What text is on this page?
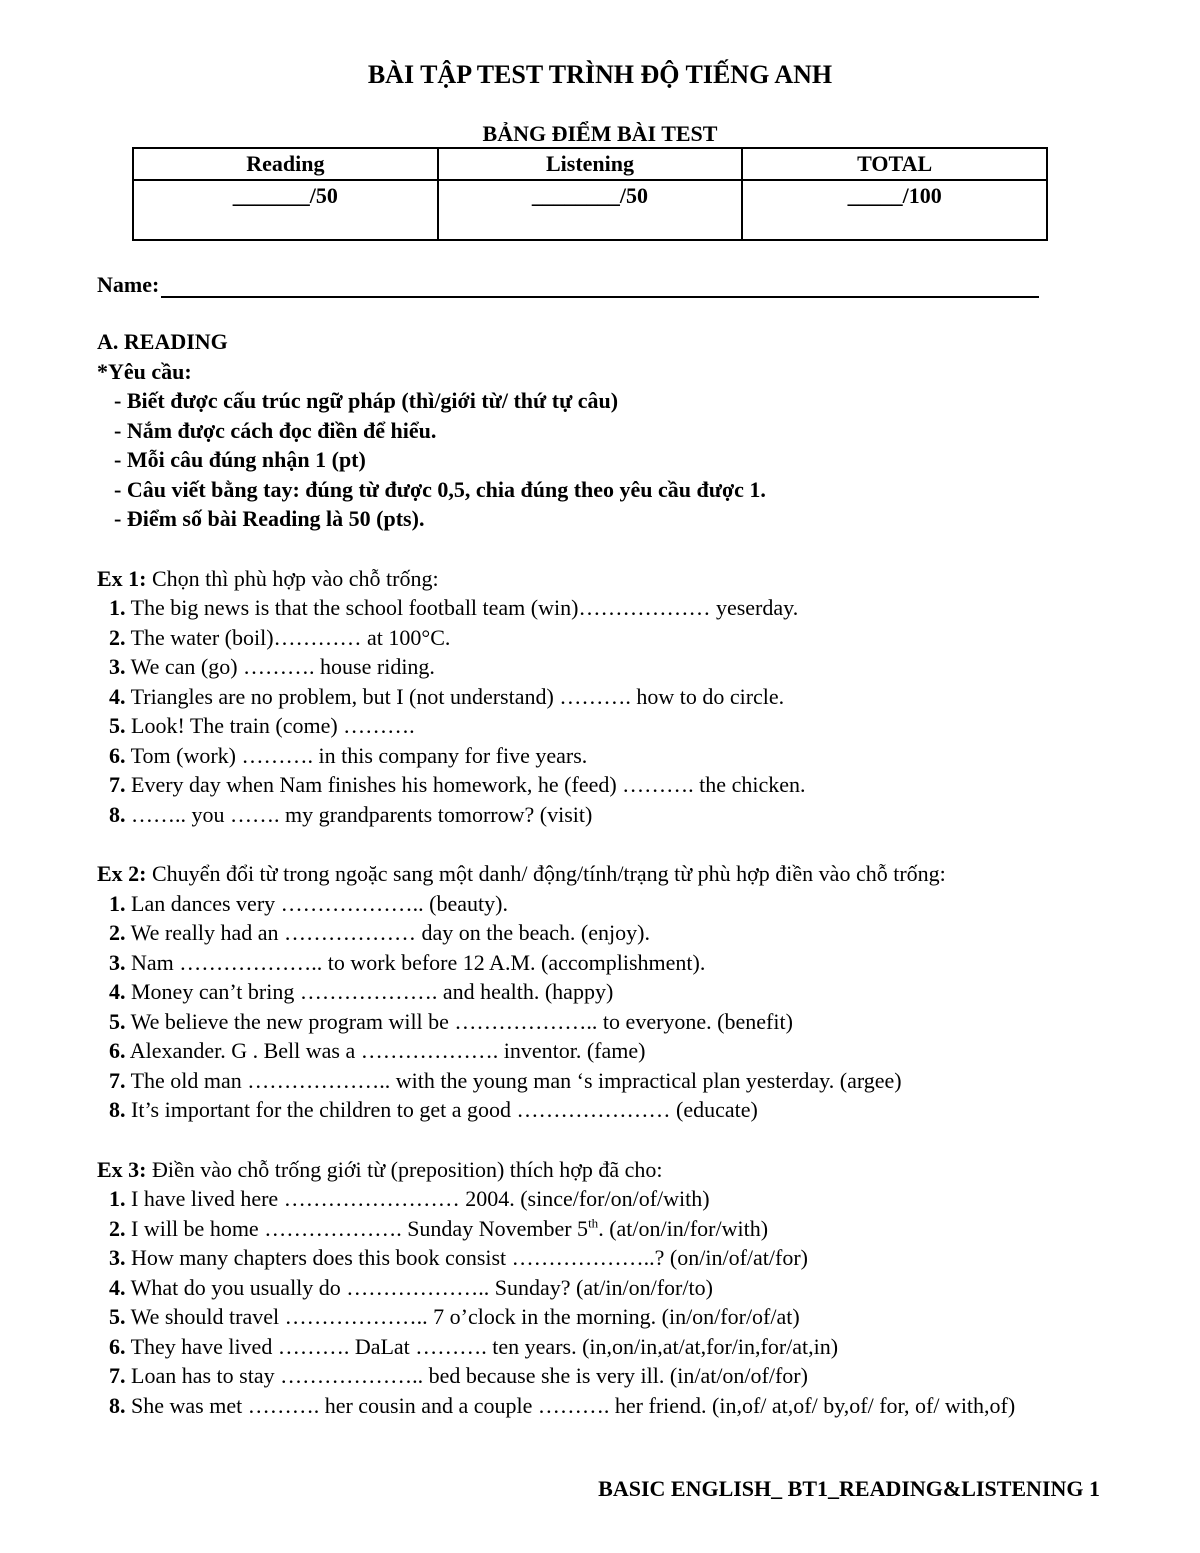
BÀI TẬP TEST TRÌNH ĐỘ TIẾNG ANH
BẢNG ĐIỂM BÀI TEST
Reading	Listening	TOTAL
_______/50	________/50	_____/100
Name:
A. READING
*Yêu cầu:
- Biết được cấu trúc ngữ pháp (thì/giới từ/ thứ tự câu)
- Nắm được cách đọc điền để hiểu.
- Mỗi câu đúng nhận 1 (pt)
- Câu viết bằng tay: đúng từ được 0,5, chia đúng theo yêu cầu được 1.
- Điểm số bài Reading là 50 (pts).
Ex 1: Chọn thì phù hợp vào chỗ trống:
1. The big news is that the school football team (win)……………… yeserday.
2. The water (boil)………… at 100°C.
3. We can (go) ………. house riding.
4. Triangles are no problem, but I (not understand) ………. how to do circle.
5. Look! The train (come) ……….
6. Tom (work) ………. in this company for five years.
7. Every day when Nam finishes his homework, he (feed) ………. the chicken.
8. …….. you ……. my grandparents tomorrow? (visit)
Ex 2: Chuyển đổi từ trong ngoặc sang một danh/ động/tính/trạng từ phù hợp điền vào chỗ trống:
1. Lan dances very ……………….. (beauty).
2. We really had an ……………… day on the beach. (enjoy).
3. Nam ……………….. to work before 12 A.M. (accomplishment).
4. Money can’t bring ………………. and health. (happy)
5. We believe the new program will be ……………….. to everyone. (benefit)
6. Alexander. G . Bell was a ………………. inventor. (fame)
7. The old man ……………….. with the young man ‘s impractical plan yesterday. (argee)
8. It’s important for the children to get a good ………………… (educate)
Ex 3: Điền vào chỗ trống giới từ (preposition) thích hợp đã cho:
1. I have lived here …………………… 2004. (since/for/on/of/with)
2. I will be home ………………. Sunday November 5th. (at/on/in/for/with)
3. How many chapters does this book consist ………………..? (on/in/of/at/for)
4. What do you usually do ……………….. Sunday? (at/in/on/for/to)
5. We should travel ……………….. 7 o’clock in the morning. (in/on/for/of/at)
6. They have lived ………. DaLat ………. ten years. (in,on/in,at/at,for/in,for/at,in)
7. Loan has to stay ……………….. bed because she is very ill. (in/at/on/of/for)
8. She was met ………. her cousin and a couple ………. her friend. (in,of/ at,of/ by,of/ for, of/ with,of)
BASIC ENGLISH_ BT1_READING&LISTENING 1
